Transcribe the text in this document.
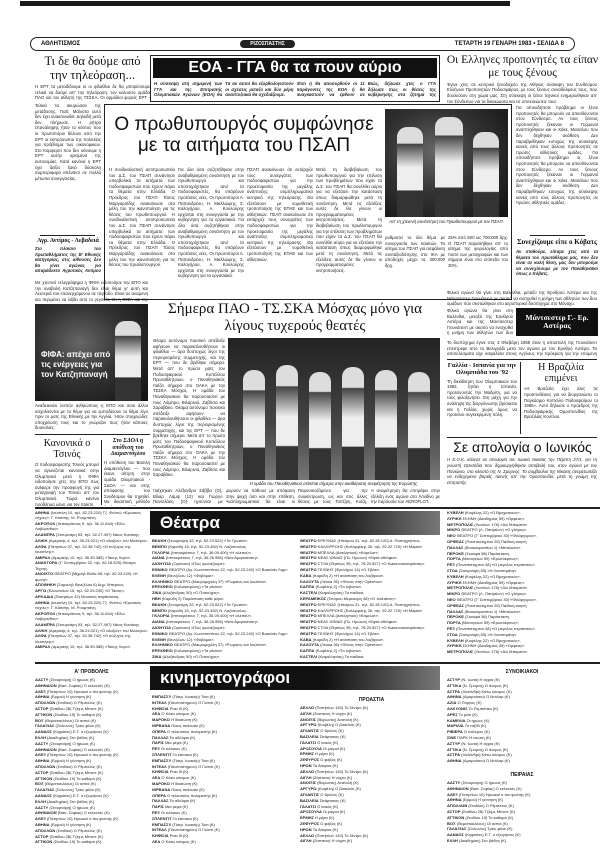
ΑΘΛΗΤΙΣΜΟΣ	ΡΙΖΟΣΠΑΣΤΗΣ	ΤΕΤΑΡΤΗ 19 ΓΕΝΑΡΗ 1983 • ΣΕΛΙΔΑ 8
Τι δε θα δούμε από την τηλεόραση...
Η ΕΡΤ τα μεταδίδουμε κι οι φίλαθλοι δε θα μπορέσουμε τελικά να δούμε απ' την τηλεόραση, τον κολοσσό ομάδα ΠΑΟ και τον αθλητή της ΤΣΣΚΑ. Οι αρμόδιοι φορείς ΕΡΤ -
Τελικά τα ακυρώσαν της μετάδοσης. Γιατί; Μάλιστα αυτό δεν έχει ανακοινωθεί. Δηλαδή μετά δεν πλήρωσε. Η ρήτρα επανάληψης ήταν το κόστος που οι πρωτοπόροι θέλουν από την ΕΡΤ οι εκπρόσωποι της πολιτείας για πρόβλημα των οικονομικών. Στο Κομφερσί που δεν κάνουμε η ΕΡΤ αυτήν ορισμένα της αυτονομίας. Κατά κανόνα η ΕΡΤ έχει δείξει ξανά δύσκολη συμπεριφορά απέναντι σε πολλά μέτωπα συνεργασίας.
Αγρ. Αντίμος - Λεβαδειά
Στο πλαίσιο του πρωταθλήματος της Β' Εθνικής κατηγορίας, στις αίθουσες δεν θα γίνει αγώνας για απαράδεκτο Αγροτικός Αντίμου
ΕΟΑ - ΓΓΑ θα τα πουν αύριο
Η σύσκεψη στη σημερινή των ΓΓΑ και της Επιτροπής Ολυμπιακών Αγώνων (ΕΟΑ) θα
Τα αν αυτοί θα εξορθολογιστούν οι σχέσεις μεταξύ και δύο μέρη αναπτυξιακά θα σχεδιάζουμε.
Έτσι ή θα αποσυρθούν οι 11 παράγοντες της ΕΟΑ ή θα αναγκαστούν να έρθουν σε
Βιώς, δήλωσε χτες ο ΓΓΑ δήλωσε πως οι θέσεις της κυβέρνησης στα ζήτημα της
Οι Ελληνες προπονητές τα είπαν με τους ξένους
Έγινε χτες σε κεντρικό ξενοδοχείο της Αθήνας σύσκεψη του Συνδέσμου Ελλήνων Προπονητών Ποδοσφαίρου, με τους ξένους συναδέλφους τους, που δουλεύουν στη χώρα μας. Στη σύσκεψη οι ξένοι τεχνικοί ενημερώθηκαν απ' τον Σύνδεσμο για τα δικαιώματα και τις υποχρεώσεις τους.
Για οποιοδήποτε πρόβλημα οι ξένοι προπονητές θα μπορούν να απευθύνονται στον Σύνδεσμο. Αν τους ξένους προπονητές ξέκαναν οι Γερμανοί αναπτύχθηκαν και οι Χάκε, Μασάλου που δεν δέχθηκαν ανάθεση. Δεν παραβρέθηκαν ευτυχώς της σύσκεψης κανείς από τους άλλους προπονητές σε πρώτες αθλητικές ομάδες. Για οποιοδήποτε πρόβλημα οι ξένοι προπονητές θα μπορούν να απευθύνονται στον Σύνδεσμο. Αν τους ξένους προπονητές ξέκαναν οι Γερμανοί αναπτύχθηκαν και οι Χάκε, Μασάλου που δεν δέχθηκαν ανάθεση. Δεν παραβρέθηκαν ευτυχώς της σύσκεψης κανείς από τους άλλους προπονητές σε πρώτες αθλητικές ομάδες.
Συνεχίζουμε είπε ο Κόβατς
Αν σταθούμε, είπαμε χτες από τα θέματα του πρωτάθλημα μας, που δεν είναι σε καλή θέση, μας δεν μπορούμε να συνεχίσουμε με τον Παναθηναϊκό όπως ο Κόβατς.
Ο πρωθυπουργός συμφώνησε με τα αιτήματα του ΠΣΑΠ
Η συνδικαλιστική αντιπροσωπεία του Δ.Σ. του ΠΣΑΠ συνάντησε υπερβολικά τα αιτήματα των ποδοσφαιριστών που έχουν πάρει τα θέματα στην Ελλάδα. Ο Πρόεδρος του ΠΣΑΠ Τάσος Μαργαριτίδης ανακοίνωσε στα μέλη του την ικανοποίηση για τις θέσεις του πρωθυπουργού. Η συνδικαλιστική αντιπροσωπεία του Δ.Σ. του ΠΣΑΠ συνάντησε υπερβολικά τα αιτήματα των ποδοσφαιριστών που έχουν πάρει τα θέματα στην Ελλάδα. Ο Πρόεδρος του ΠΣΑΠ Τάσος Μαργαριτίδης ανακοίνωσε στα μέλη του την ικανοποίηση για τις θέσεις του πρωθυπουργού.
Για όλα όσα συζητήθηκαν στην αναβαθμισμένη συνάντηση με τον πρωθυπουργό και υποστηρίχτηκαν από τα ποδοσφαιριστές, θα υπάρξουν προτάσεις νέες. Οι πρωτοπόροι Α. Παπανδρέου, Η. Μαλλιώρης, Σ. Καλογήρου, Α. Κουλούρης ερχόνται στη συνεργασία με την κυβέρνηση για τα εργασιακά. Για όλα όσα συζητήθηκαν στην αναβαθμισμένη συνάντηση με τον πρωθυπουργό και υποστηρίχτηκαν από τα ποδοσφαιριστές, θα υπάρξουν προτάσεις νέες. Οι πρωτοπόροι Α. Παπανδρέου, Η. Μαλλιώρης, Σ. Καλογήρου, Α. Κουλούρης ερχόνται στη συνεργασία με την κυβέρνηση για τα εργασιακά.
ΠΣΑΠ ανακοίνωσε ότι εκτάρχιζε τους συνεργάτες των ποδοσφαιριστών για την προετοιμασία της μεγάλης ανάπτυξης συμπληρωματικό κεντρικό της τηλεόρασης. Θα εξετάσουν με νομοθετική τροποποίηση της ΕΠΑΕ και των αθλητικών. ΠΣΑΠ ανακοίνωσε ότι εκτάρχιζε τους συνεργάτες των ποδοσφαιριστών για την προετοιμασία της μεγάλης ανάπτυξης συμπληρωματικό κεντρικό της τηλεόρασης. Θα εξετάσουν με νομοθετική τροποποίηση της ΕΠΑΕ και των αθλητικών.
Μετά τη διαβεβαίωση του πρωθυπουργού για την επίλυση των προβλημάτων που είχαν τα Δ.Σ. του ΠΣΑΠ θα συνέλθει αύριο για να εξετάσει την κατάσταση όπως διαμορφώθηκε μετά τη συνάντηση. Μετά τις εξελίξεις αυτές δε θα γίνουν οι προγραμματισμένες κινητοποιήσεις. Μετά τη διαβεβαίωση του πρωθυπουργού για την επίλυση των προβλημάτων που είχαν τα Δ.Σ. του ΠΣΑΠ θα συνέλθει αύριο για να εξετάσει την κατάσταση όπως διαμορφώθηκε μετά τη συνάντηση. Μετά τις εξελίξεις αυτές δε θα γίνουν οι προγραμματισμένες κινητοποιήσεις.
Απ' τη χτεσινή συνάντηση του Πρωθυπουργού με τον ΠΣΑΠ.
ρυθμιστεί το όλο θέμα με συνεργασία των παικτών. Τα αίτημα του ΠΣΑΠ για ασφάλιση συνταξιοδότησης στο ΙΚΑ με αποδοχές μέχρι τις 300.000 δρχ.
25% από 500 ως 700.000 δρχ. Ο ΠΣΑΠ παραιτήθηκε απ' το αίτημα της φορολογίας από ποσό των μεταγραφών και των σήμερα είναι στο επίπεδο του 30%.
Με χτεσινό τελεγράφημα η ΦΙΦΑ ειδοποίησε την ΕΠΟ και την αναβολή Κατζηπαναγή δεν είναι θέμα γι' αυτή και Λευτεριά του επανερχόμενου σε περίοδο. Είναι σε αναμονή και περιμένει να λάβει από το γεγονός ότι η ΦΙΦΑ και την
ΦΙΦΑ: απέχει από τις ενέργειες για τον Κατζηπαναγή
Αναδεικνύει λοιπόν ανθρώπους η ΕΠΟ και όσοι άλλοι ασχολούνται με το θέμα για να εμποδίσουν το θέμα λίγο πριν το ματς της Εθνικής με την Αγγλία. Ήταν στοιχειώδες υποχρέωση τους και το γνώριζαν πως ήταν κάποιες δυσκολίες.
Κανονικά ο Τσινός
Ο ποδοσφαιριστής Τσινός μπορεί να αγωνίζεται κανονικά στην Ολυμπιακό μετά η ΦΙΦΑ ειδοποίησε χτες την ΕΠΟ πως ανέφερε την προσφυγή της για μεταγραφή του Τσινού απ' τον Ολυμπιακό. Τώρα κανένα πρόβλημα μένει για τον παίκτη.
Στο ΣΔΟΑ η υπόθεση του Διαμαντόγλου
Η υπόθεση του Βασιλη Διαμαντόγλου — που έκανε αίτηση στην ομάδα Ολυμπιακού - ΣΔΟΑ — και στης απόφασης του Συνδέσμου θα τηρηθεί. Με δικαστική μέθοδο
Σήμερα ΠΑΟ - ΤΣ.ΣΚΑ Μόσχας μόνο για λίγους τυχερούς θεατές
Θέαμα αυτόνομο ποιοτικό απέδειξε αφήσουν να παρακολουθήσουν οι φίλαθλοι — άρα δυστυχώς λίγοι της περιορισμένης συμμετοχής, και της ΕΡΤ — που δε βρέθηκε σήμερα. Μετά απ' το πρώτο ματς του Ποδοσφαιρικού Κυπέλλου Πρωταθλητριών, ο Παναθηναϊκός παίζει σήμερα στο ΟΑΚΑ με την ΤΣΣΚΑ Μόσχας. Η ομάδα του Παναθηναϊκού θα παρουσιαστεί με τους Λάμπρο, Βιλαρινιό, Ζαβίτσα και Σαραβάκο. Θέαμα αυτόνομο ποιοτικό απέδειξε αφήσουν να παρακολουθήσουν οι φίλαθλοι — άρα δυστυχώς λίγοι της περιορισμένης συμμετοχής, και της ΕΡΤ — που δε βρέθηκε σήμερα. Μετά απ' το πρώτο ματς του Ποδοσφαιρικού Κυπέλλου Πρωταθλητριών, ο Παναθηναϊκός παίζει σήμερα στο ΟΑΚΑ με την ΤΣΣΚΑ Μόσχας. Η ομάδα του Παναθηναϊκού θα παρουσιαστεί με τους Λάμπρο, Βιλαρινιό, Ζαβίτσα και Σαραβάκο.
Η ομάδα του Παναθηναϊκού στέκεται σήμερα στην ακαθάριστη αναμέτρηση της Ευρώπης.
παίχτηκαν Αλέξανδρο Σάββα (Ο), Βίλαρ Λάμψ (12) και Γιώργο Παντελάκη (Ο) ηγούνται με
μωρούν να πάθουν με απόφαση στην ψυχή όσο και στην επίθεση. Αναπληρωματικοί θα είναι οι
Παρουσιαζόμενοι για την συγκέντρωση, ως και στις άλλες θέσεις με τους Τσιτζίρη, Κιόζη,
Η αναμέτρηση θα επιτρέψει στην εξέλιξη ενός αγώνα στο Λονδίνο με την παρουσία του AEROFLOT.
Φιλικό αγώνα θα γίνει στη Βαλένθια, μεταξύ της Ερυθρού Αστέρα και της Μάντσεστερ Γιουνάιτεντ με σκοπό να ενισχυθεί η μνήμη των αθλητών των δυο ομάδων που σκοτώθηκαν στο αεροπορικό δυστύχημα στο Μόναχο.
Φιλικό αγώνα θα γίνει στη Βαλένθια, μεταξύ της Ερυθρού Αστέρα και της Μάντσεστερ Γιουνάιτεντ με σκοπό να ενισχυθεί η μνήμη των αθλητών των δυο
Μάντσεστερ Γ.- Ερ. Αστέρας
Το δυστύχημα έγινε στις 3 Φλεβάρη 1958 όταν η αποστολή της Γιουνάιτεντ επέστρεφε από το Βελιγράδι μετά τον αγώνα με τον Ερυθρό Αστέρα. Τα αποτελέσματα είχε ασφαλίσει στους Αγγλους την πρόκριση για την επόμενη
Γαλλία - Ισπανία για την Ολυμπιάδα του '92
Τη διεκδίκηση των Ολυμπιακών του 1992, ζητάει η Ισπανία, προτείνοντας την Μαδρίτη, για να τους φιλοξενήσει. Στη μάχη για την ανάληψη της διοργάνωσης βρίσκεται και η Γαλλία, χωρίς όμως να προτείνει συγκεκριμένη πόλη.
Η Βραζιλία επιμένει
«Η Βραζιλία έχει όλες τις προϋποθέσεις για να διοργανώσει το Παγκόσμιο Κύπελλο Ποδοσφαίρου το 1986». Αυτό δήλωσε ο πρόεδρος της Ποδοσφαιρικής Ομοσπονδίας της Βραζιλίας Κουτίνιο.
Σε απολογία ο Ιωνικός
Η Ε.Ο.Κ. κάλεσε σε απολογία τον Ιωνικό Νικαίας την Πέμπτη 27/1, για τη γνωστή επεισόδια που δημιουργήθηκαν αποβολή του, στον αγώνα με τον Πανιώνιο, στο κλειστό της Ν. Σμύρνης. Το συμβούλιο της Νίκαιας αντιμετωπίζει να ενδεχόμενο βαριάς ποινής απ' την Ομοσπονδία, μετά τη γνώμη της επιτροπής.
Θέατρα
ΑΘΗΝΑ (Ιουστίνη 10, τηλ. 82.23.220) Τζ. Φεϊντώ «Ερωτικές νύχτες». Γ. Κάσσης, Μ. Ρουμπάνη.
ΑΚΡΟΠΟΛ (Ιπποκράτους 9, τηλ. 36.11.844) «Εδώ Λαβύρινθος».
ΑΛΑΜΠΡΑ (Στουρνάρη 53, τηλ. 52.27.497) Νίκος Κανάκης.
ΑΛΙΚΗ (Αμερικής 4, τηλ. 36.24.021) «Ο αλαζών» του Μολιέρου.
ΑΛΦΑ (Πατησίων 37, τηλ. 52.38.742) «Ο σύζυγος της Ιουστίνης».
ΑΜΙΡΑΛ (Αμερικής 10, τηλ. 36.39.385) «Τάκης Χορν».
ΑΝΑΚΤΟΡΑ (Γ' Σεπτεμβρίου 32, τηλ. 82.18.525) Θέατρο Τέχνης.
ΑΝΟΙΧΤΟ ΘΕΑΤΡΟ (Μιχαήλ Βόδα 58, τηλ. 82.23.220) «Η φωνή».
ΑΠΟΘΗΚΗ (Σαμουήλ Βενιζέλου 6) Δημ. Μπέρκος.
ΑΡΓΩ (Ελευσινίων 15, τηλ. 52.29.230) «Ο Τάσος».
ΑΡΚΑΔΙΑ (Πατησίων 42) Μουσική παράσταση.
ΑΘΗΝΑ (Ιουστίνη 10, τηλ. 82.23.220) Τζ. Φεϊντώ «Ερωτικές νύχτες». Γ. Κάσσης, Μ. Ρουμπάνη.
ΑΚΡΟΠΟΛ (Ιπποκράτους 9, τηλ. 36.11.844) «Εδώ Λαβύρινθος».
ΑΛΑΜΠΡΑ (Στουρνάρη 53, τηλ. 52.27.497) Νίκος Κανάκης.
ΑΛΙΚΗ (Αμερικής 4, τηλ. 36.24.021) «Ο αλαζών» του Μολιέρου.
ΑΛΦΑ (Πατησίων 37, τηλ. 52.38.742) «Ο σύζυγος της Ιουστίνης».
ΑΜΙΡΑΛ (Αμερικής 10, τηλ. 36.39.385) «Τάκης Χορν».
ΒΕΑΚΗ (Στουρνάρη 32, τηλ. 52.23.522) «Τα Τρωικά».
ΒΕΜΠΟ (Καρύδη 15, τηλ. 52.23.452) Ν. Λαζόπουλος.
ΓΚΛΟΡΙΑ (Ιπποκράτους 7, τηλ. 36.09.400) «Η αλεπού».
ΔΙΑΝΑ (Ιπποκράτους 7, τηλ. 36.26.956) «Νέα Αμερικάνικη».
ΔΙΟΝΥΣΙΑ (Ομόνοια) «Πώς φωνάζουμε».
ΕΘΝΙΚΟ ΘΕΑΤΡΟ (Αγ. Κωνσταντίνου 22, τηλ. 52.23.242) «Ο Βασιλιάς Ληρ».
ΕΛΕΝΗ (Βενιζέλου 12) «Φοβάμαι».
ΕΛΛΗΝΙΚΟ ΘΕΑΤΡΟ (Μαυρομιχάλη 37) «Ρωμαίος και Ιουλιέτα».
ΕΡΕΧΘΕΙΟ (Κολοκοτρώνη) «Τα ρέστα».
ΖΙΝΑ (Αλεξάνδρας 50) «Ο Πατούχας».
ΗΒΗ (Καρύδη 2) Παράσταση κάθε μέρα.
ΒΕΑΚΗ (Στουρνάρη 32, τηλ. 52.23.522) «Τα Τρωικά».
ΒΕΜΠΟ (Καρύδη 15, τηλ. 52.23.452) Ν. Λαζόπουλος.
ΓΚΛΟΡΙΑ (Ιπποκράτους 7, τηλ. 36.09.400) «Η αλεπού».
ΔΙΑΝΑ (Ιπποκράτους 7, τηλ. 36.26.956) «Νέα Αμερικάνικη».
ΔΙΟΝΥΣΙΑ (Ομόνοια) «Πώς φωνάζουμε».
ΕΘΝΙΚΟ ΘΕΑΤΡΟ (Αγ. Κωνσταντίνου 22, τηλ. 52.23.242) «Ο Βασιλιάς Ληρ».
ΕΛΕΝΗ (Βενιζέλου 12) «Φοβάμαι».
ΕΛΛΗΝΙΚΟ ΘΕΑΤΡΟ (Μαυρομιχάλη 37) «Ρωμαίος και Ιουλιέτα».
ΕΡΕΧΘΕΙΟ (Κολοκοτρώνη) «Τα ρέστα».
ΖΙΝΑ (Αλεξάνδρας 50) «Ο Πατούχας».
ΘΕΑΤΡΟ ΕΡΕΥΝΑΣ (Ηπείρου 21, τηλ. 82.28.120) Α. Παπαχρήστος.
ΘΕΑΤΡΟ ΚΑΛΛΙΡΡΟΗΣ (Καλλιρρόης 26, τηλ. 92.22.720) «Η Μαρία».
ΘΕΑΤΡΟ ΜΠΕΛΛΑ (Ασκληπιού) «Κάμελοτ».
ΘΕΑΤΡΟ ΝΕΑΣ ΙΩΝΙΑΣ (Πλ. Ηρώων) «Εφτά αδέλφια».
ΘΕΑΤΡΟ ΣΤΟΑ (Θησέως 55, τηλ. 76.20.527) «Ο Κοκκινοσκουφίτσας».
ΘΕΑΤΡΟ ΤΕΧΝΗΣ (Φρυνίχου 14) «Ο Σβέικ».
ΚΑΒΑ (Καρύδη 2) «Η ανάσταση του Λαζάρου».
ΚΑΛΟΥΤΑ (Λέκκα 26) «Φόνος στην Ορέστου».
ΚΑΠΠΑ (Κυψέλης 2) «Το κιβώτιο».
ΚΑΣΤΕΛΙ (Κεφαλληνίας) Τα παιδικά.
ΚΕΡΑΜΕΙΚΟΣ (Σπύρου Μερκούρη 48) «Ο πλάτανος».
ΘΕΑΤΡΟ ΕΡΕΥΝΑΣ (Ηπείρου 21, τηλ. 82.28.120) Α. Παπαχρήστος.
ΘΕΑΤΡΟ ΚΑΛΛΙΡΡΟΗΣ (Καλλιρρόης 26, τηλ. 92.22.720) «Η Μαρία».
ΘΕΑΤΡΟ ΜΠΕΛΛΑ (Ασκληπιού) «Κάμελοτ».
ΘΕΑΤΡΟ ΝΕΑΣ ΙΩΝΙΑΣ (Πλ. Ηρώων) «Εφτά αδέλφια».
ΘΕΑΤΡΟ ΣΤΟΑ (Θησέως 55, τηλ. 76.20.527) «Ο Κοκκινοσκουφίτσας».
ΘΕΑΤΡΟ ΤΕΧΝΗΣ (Φρυνίχου 14) «Ο Σβέικ».
ΚΑΒΑ (Καρύδη 2) «Η ανάσταση του Λαζάρου».
ΚΑΛΟΥΤΑ (Λέκκα 26) «Φόνος στην Ορέστου».
ΚΑΠΠΑ (Κυψέλης 2) «Το κιβώτιο».
ΚΑΣΤΕΛΙ (Κεφαλληνίας) Τα παιδικά.
ΚΥΒΕΛΗ (Κυψέλης 22) «Ο Βροχοποιός».
ΛΥΡΙΚΗ ΣΚΗΝΗ (Ακαδημίας 59) «Ορφέας».
ΜΕΤΡΟΠΟΛΙΣ (Λιοσίων 176) «Αλι Μπαμπά».
ΜΙΚΡΟ ΘΕΑΤΡΟ (Λ. Πατησίων) «Ο γλάρος».
ΝΕΟ ΘΕΑΤΡΟ (Γ' Σεπτεμβρίου 30) «Φιλάργυρος».
ΟΡΦΕΑΣ (Πανεπιστημίου 25) Παιδική σκηνή.
ΠΑΛΛΑΣ (Βουκουρεστίου 1) «Μπαλκόνι».
ΠΕΡΟΚΕ (Σκουφά 58) Παράσταση.
ΠΟΡΤΑ (Μεσογείων 59) «Ερωτόκριτος».
ΡΕΞ (Πανεπιστημίου 48) «Ο μεγάλος περίπατος».
ΣΤΟΑ (Στουρνάρη 55) «Η Λυσιστράτη».
ΚΥΒΕΛΗ (Κυψέλης 22) «Ο Βροχοποιός».
ΛΥΡΙΚΗ ΣΚΗΝΗ (Ακαδημίας 59) «Ορφέας».
ΜΕΤΡΟΠΟΛΙΣ (Λιοσίων 176) «Αλι Μπαμπά».
ΜΙΚΡΟ ΘΕΑΤΡΟ (Λ. Πατησίων) «Ο γλάρος».
ΝΕΟ ΘΕΑΤΡΟ (Γ' Σεπτεμβρίου 30) «Φιλάργυρος».
ΟΡΦΕΑΣ (Πανεπιστημίου 25) Παιδική σκηνή.
ΠΑΛΛΑΣ (Βουκουρεστίου 1) «Μπαλκόνι».
ΠΕΡΟΚΕ (Σκουφά 58) Παράσταση.
ΠΟΡΤΑ (Μεσογείων 59) «Ερωτόκριτος».
ΡΕΞ (Πανεπιστημίου 48) «Ο μεγάλος περίπατος».
ΣΤΟΑ (Στουρνάρη 55) «Η Λυσιστράτη».
ΚΥΒΕΛΗ (Κυψέλης 22) «Ο Βροχοποιός».
ΛΥΡΙΚΗ ΣΚΗΝΗ (Ακαδημίας 59) «Ορφέας».
ΜΕΤΡΟΠΟΛΙΣ (Λιοσίων 176) «Αλι Μπαμπά».
κινηματογράφοι
Α' ΠΡΟΒΟΛΗΣ
ΑΑΣΤΥ (Στουρνάρη) Ο ήρωας (Κ)
ΑΘΗΝΑΙΟΝ (Βασ. Σοφίας) Ο εκλεκτός (Κ)
ΑΛΕΞ (Πατησίων 10) Ηρωικοί ο πιο ψεύτης (Κ)
ΑΘΗΝΑ (Ερμού) Η γέννηση (Κ)
ΑΠΟΛΛΩΝ (Σταδίου) Ο Ρέμπελος (Κ)
ΑΣΤΟΡ (Σταδίου 28) Τζέιμς Μποντ (Κ)
ΑΤΤΙΚΟΝ (Σταδίου 19) Το καθαρό (Κ)
ΒΟΞ (Θεμιστοκλέους) Οι αστοί (Κ)
ΓΑΛΑΞΙΑΣ (Σόλωνος) Τρεις φίλοι (Κ)
ΔΑΝΑΟΣ (Κηφισίας) Ε.Τ. ο εξωγήινος (Κ)
ΕΛΛΗ (Ακαδημίας) Στο βάθος (Κ)
ΑΑΣΤΥ (Στουρνάρη) Ο ήρωας (Κ)
ΑΘΗΝΑΙΟΝ (Βασ. Σοφίας) Ο εκλεκτός (Κ)
ΑΛΕΞ (Πατησίων 10) Ηρωικοί ο πιο ψεύτης (Κ)
ΑΘΗΝΑ (Ερμού) Η γέννηση (Κ)
ΑΠΟΛΛΩΝ (Σταδίου) Ο Ρέμπελος (Κ)
ΑΣΤΟΡ (Σταδίου 28) Τζέιμς Μποντ (Κ)
ΑΤΤΙΚΟΝ (Σταδίου 19) Το καθαρό (Κ)
ΒΟΞ (Θεμιστοκλέους) Οι αστοί (Κ)
ΓΑΛΑΞΙΑΣ (Σόλωνος) Τρεις φίλοι (Κ)
ΔΑΝΑΟΣ (Κηφισίας) Ε.Τ. ο εξωγήινος (Κ)
ΕΛΛΗ (Ακαδημίας) Στο βάθος (Κ)
ΑΑΣΤΥ (Στουρνάρη) Ο ήρωας (Κ)
ΑΘΗΝΑΙΟΝ (Βασ. Σοφίας) Ο εκλεκτός (Κ)
ΑΛΕΞ (Πατησίων 10) Ηρωικοί ο πιο ψεύτης (Κ)
ΑΘΗΝΑ (Ερμού) Η γέννηση (Κ)
ΑΠΟΛΛΩΝ (Σταδίου) Ο Ρέμπελος (Κ)
ΑΣΤΟΡ (Σταδίου 28) Τζέιμς Μποντ (Κ)
ΑΤΤΙΚΟΝ (Σταδίου 19) Το καθαρό (Κ)
ΕΜΠΑΣΣΥ (Πατρ. Ιωακείμ) Τόσι (Κ)
ΙΝΤΕΑΛ (Πανεπιστημίου) Ο Γκάντι (Κ)
ΚΗΦΙΣΙΑ Ροκι ΙΙΙ (Κ)
ΛΕΑ Ο Κάτω κόσμος (Κ)
ΜΑΡΟΚΟ Η δικαίωση (Κ)
ΝΙΡΒΑΝΑ Ποιος σκότωσε (Κ)
ΟΠΕΡΑ Ο τελευταίος πολεμιστής (Κ)
ΠΑΛΛΑΣ Τα αδέλφια (Κ)
ΠΑΡΙΣ Μια μέρα (Κ)
ΡΕΞ Οι κόλακες (Κ)
ΣΠΛΕΝΤΙΤ Οι κάτοικοι (Κ)
ΕΜΠΑΣΣΥ (Πατρ. Ιωακείμ) Τόσι (Κ)
ΙΝΤΕΑΛ (Πανεπιστημίου) Ο Γκάντι (Κ)
ΚΗΦΙΣΙΑ Ροκι ΙΙΙ (Κ)
ΛΕΑ Ο Κάτω κόσμος (Κ)
ΜΑΡΟΚΟ Η δικαίωση (Κ)
ΝΙΡΒΑΝΑ Ποιος σκότωσε (Κ)
ΟΠΕΡΑ Ο τελευταίος πολεμιστής (Κ)
ΠΑΛΛΑΣ Τα αδέλφια (Κ)
ΠΑΡΙΣ Μια μέρα (Κ)
ΡΕΞ Οι κόλακες (Κ)
ΣΠΛΕΝΤΙΤ Οι κάτοικοι (Κ)
ΕΜΠΑΣΣΥ (Πατρ. Ιωακείμ) Τόσι (Κ)
ΙΝΤΕΑΛ (Πανεπιστημίου) Ο Γκάντι (Κ)
ΚΗΦΙΣΙΑ Ροκι ΙΙΙ (Κ)
ΛΕΑ Ο Κάτω κόσμος (Κ)
ΠΡΟΑΣΤΙΑ
ΑΕΛΛΩ (Πατησίων 140) Το δέντρο (Κ)
ΑΙΓΛΗ (Ζάππειο) Η νύχτα (Κ)
ΑΝΟΙΞΙΣ (Βύρωνας) Ανατολή (Κ)
ΑΡΓΥΡΩ (Κυψέλη) Ο βασιλιάς (Κ)
ΑΤΛΑΝΤΙΣ Ο θρύλος (Κ)
ΒΑΣΙΛΕΙΑ Σπάρτακος (Κ)
ΓΑΛΑΤΣΙ Ο κακός (Κ)
ΔΡΟΣΟΥΛΑ Οι μικροί (Κ)
ΕΡΜΗΣ Η μέρα (Κ)
ΖΕΦΥΡΟΣ Ο φόβος (Κ)
ΗΡΩΝ Τα δάκρυα (Κ)
ΑΕΛΛΩ (Πατησίων 140) Το δέντρο (Κ)
ΑΙΓΛΗ (Ζάππειο) Η νύχτα (Κ)
ΑΝΟΙΞΙΣ (Βύρωνας) Ανατολή (Κ)
ΑΡΓΥΡΩ (Κυψέλη) Ο βασιλιάς (Κ)
ΑΤΛΑΝΤΙΣ Ο θρύλος (Κ)
ΒΑΣΙΛΕΙΑ Σπάρτακος (Κ)
ΓΑΛΑΤΣΙ Ο κακός (Κ)
ΔΡΟΣΟΥΛΑ Οι μικροί (Κ)
ΕΡΜΗΣ Η μέρα (Κ)
ΖΕΦΥΡΟΣ Ο φόβος (Κ)
ΗΡΩΝ Τα δάκρυα (Κ)
ΑΕΛΛΩ (Πατησίων 140) Το δέντρο (Κ)
ΑΙΓΛΗ (Ζάππειο) Η νύχτα (Κ)
ΣΥΝΟΙΚΙΑΚΟΙ
ΑΣΤΥΡ (Ν. Ιωνία) Η άγρια (Κ)
ΑΤΤΙΚΑ (Ν. Σμύρνη) Ο άνεμος (Κ)
ΑΣΤΡΑ (Χαλάνδρι) Κάτω κόσμος (Κ)
ΑΘΗΝΑ (Αμαρούσιο) Ο Ντόλαρ (Κ)
ΑΖΙΑ Ο Πύργος (Κ)
ΑΛΚΥΟΝΙΣ Το Ρεμπέτικο (Κ)
ΑΡΕΣ Το μάτι (Κ)
ΚΑΜΕΛΙΑ Οι ήρωες (Κ)
ΜΑΡΙΛΙΑ Το ταξίδι (Κ)
ΡΙΒΙΕΡΑ Ο πόλεμος (Κ)
ΣΙΝΕ ΠΑΡΚ Η σιωπή (Κ)
ΑΣΤΥΡ (Ν. Ιωνία) Η άγρια (Κ)
ΑΤΤΙΚΑ (Ν. Σμύρνη) Ο άνεμος (Κ)
ΑΣΤΡΑ (Χαλάνδρι) Κάτω κόσμος (Κ)
ΑΘΗΝΑ (Αμαρούσιο) Ο Ντόλαρ (Κ)
ΠΕΙΡΑΙΑΣ
ΑΑΣΤΥ (Στουρνάρη) Ο ήρωας (Κ)
ΑΘΗΝΑΙΟΝ (Βασ. Σοφίας) Ο εκλεκτός (Κ)
ΑΛΕΞ (Πατησίων 10) Ηρωικοί ο πιο ψεύτης (Κ)
ΑΘΗΝΑ (Ερμού) Η γέννηση (Κ)
ΑΠΟΛΛΩΝ (Σταδίου) Ο Ρέμπελος (Κ)
ΑΣΤΟΡ (Σταδίου 28) Τζέιμς Μποντ (Κ)
ΑΤΤΙΚΟΝ (Σταδίου 19) Το καθαρό (Κ)
ΒΟΞ (Θεμιστοκλέους) Οι αστοί (Κ)
ΓΑΛΑΞΙΑΣ (Σόλωνος) Τρεις φίλοι (Κ)
ΔΑΝΑΟΣ (Κηφισίας) Ε.Τ. ο εξωγήινος (Κ)
ΕΛΛΗ (Ακαδημίας) Στο βάθος (Κ)
